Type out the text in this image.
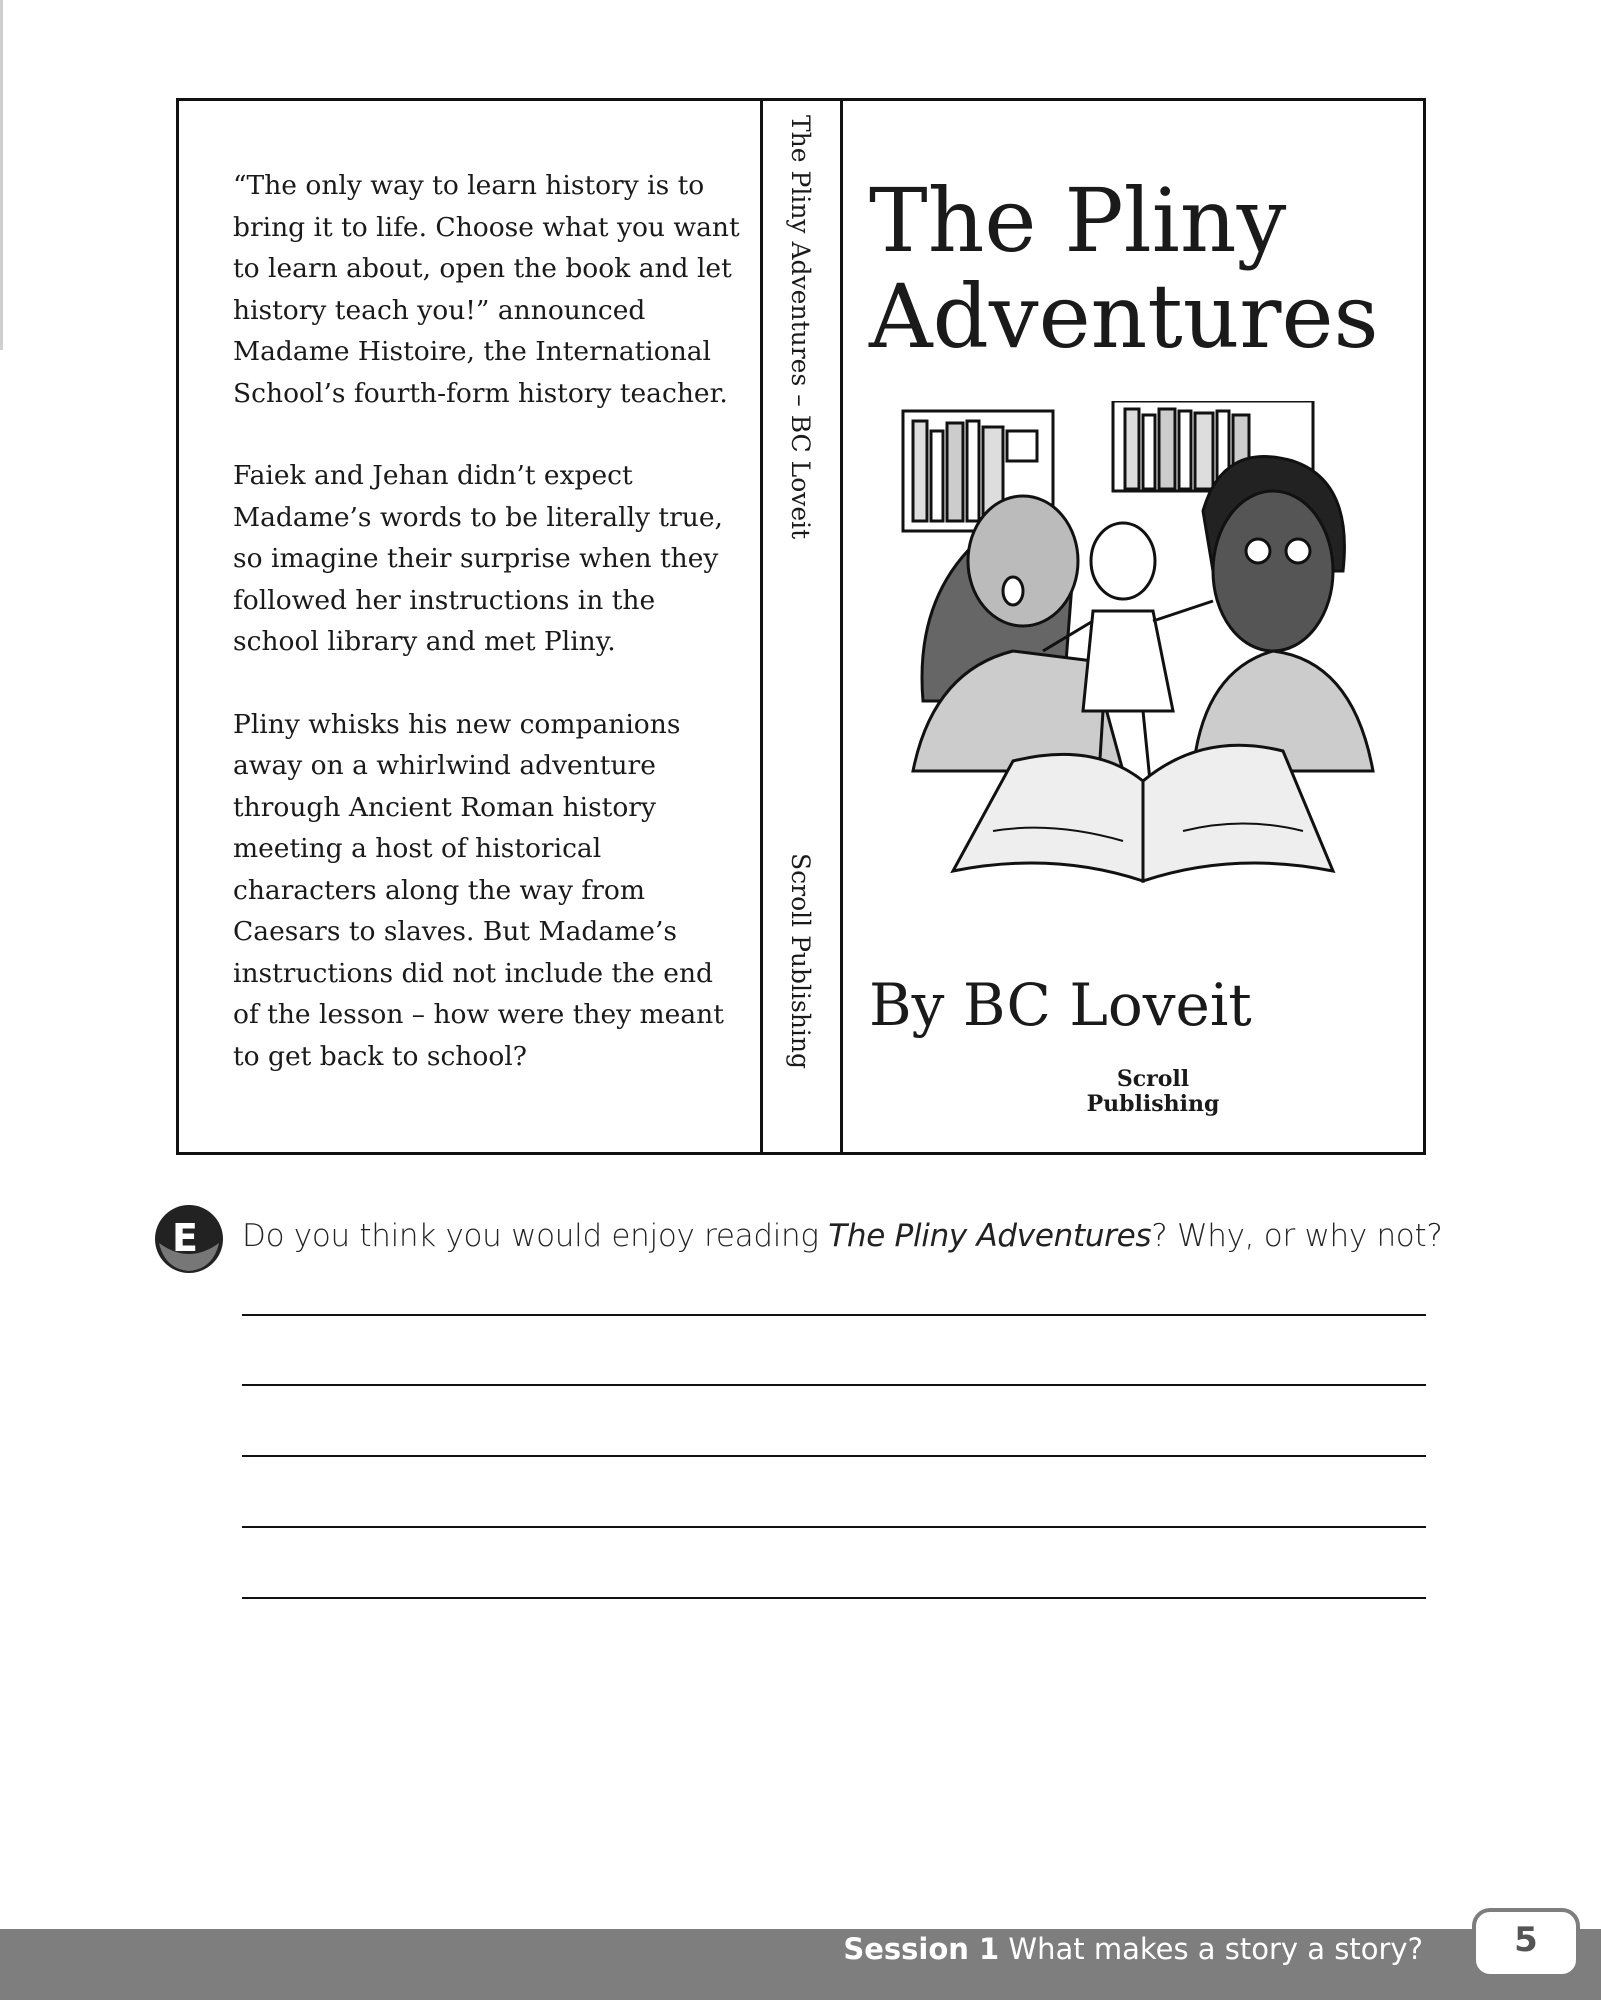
“The only way to learn history is to bring it to life. Choose what you want to learn about, open the book and let history teach you!” announced Madame Histoire, the International School’s fourth-form history teacher.

Faiek and Jehan didn’t expect Madame’s words to be literally true, so imagine their surprise when they followed her instructions in the school library and met Pliny.

Pliny whisks his new companions away on a whirlwind adventure through Ancient Roman history meeting a host of historical characters along the way from Caesars to slaves. But Madame’s instructions did not include the end of the lesson – how were they meant to get back to school?

The Pliny Adventures – BC Loveit
Scroll Publishing
The Pliny
Adventures
By BC Loveit
Scroll
Publishing
E Do you think you would enjoy reading The Pliny Adventures? Why, or why not?
Session 1 What makes a story a story?	5
